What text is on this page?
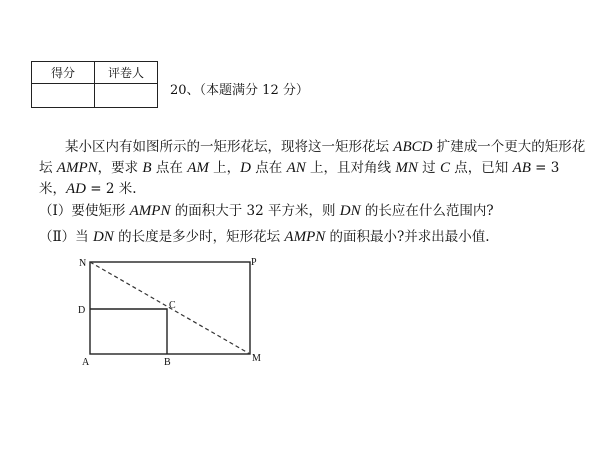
得分	评卷人

20、（本题满分 12 分）
某小区内有如图所示的一矩形花坛，现将这一矩形花坛 ABCD 扩建成一个更大的矩形花
坛 AMPN，要求 B 点在 AM 上，D 点在 AN 上，且对角线 MN 过 C 点，已知 AB = 3
米，AD = 2 米.
（Ⅰ）要使矩形 AMPN 的面积大于 32 平方米，则 DN 的长应在什么范围内?
（Ⅱ）当 DN 的长度是多少时，矩形花坛 AMPN 的面积最小?并求出最小值.
N	P
D	C
A	B	M
